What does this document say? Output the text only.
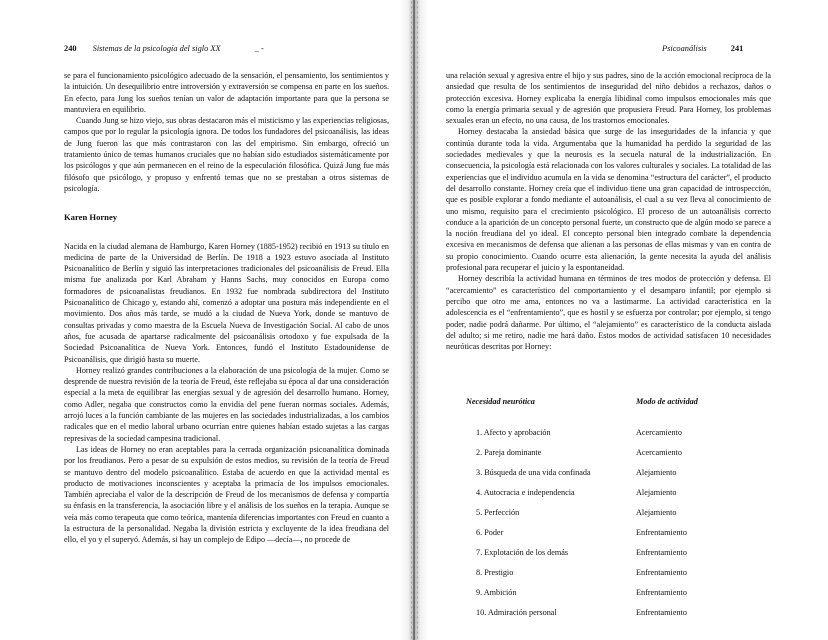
240 Sistemas de la psicología del siglo XX	_ -

se para el funcionamiento psicológico adecuado de la sensación, el pensamiento, los sentimientos y la intuición. Un desequilibrio entre introversión y extraversión se compensa en parte en los sueños. En efecto, para Jung los sueños tenían un valor de adaptación importante para que la persona se mantuviera en equilibrio.

Cuando Jung se hizo viejo, sus obras destacaron más el misticismo y las experiencias religiosas, campos que por lo regular la psicología ignora. De todos los fundadores del psicoanálisis, las ideas de Jung fueron las que más contrastaron con las del empirismo. Sin embargo, ofreció un tratamiento único de temas humanos cruciales que no habían sido estudiados sistemáticamente por los psicólogos y que aún permanecen en el reino de la especulación filosófica. Quizá Jung fue más filósofo que psicólogo, y propuso y enfrentó temas que no se prestaban a otros sistemas de psicología.

Karen Horney

Nacida en la ciudad alemana de Hamburgo, Karen Horney (1885-1952) recibió en 1913 su título en medicina de parte de la Universidad de Berlín. De 1918 a 1923 estuvo asociada al Instituto Psicoanalítico de Berlín y siguió las interpretaciones tradicionales del psicoanálisis de Freud. Ella misma fue analizada por Karl Abraham y Hanns Sachs, muy conocidos en Europa como formadores de psicoanalistas freudianos. En 1932 fue nombrada subdirectora del Instituto Psicoanalítico de Chicago y, estando ahí, comenzó a adoptar una postura más independiente en el movimiento. Dos años más tarde, se mudó a la ciudad de Nueva York, donde se mantuvo de consultas privadas y como maestra de la Escuela Nueva de Investigación Social. Al cabo de unos años, fue acusada de apartarse radicalmente del psicoanálisis ortodoxo y fue expulsada de la Sociedad Psicoanalítica de Nueva York. Entonces, fundó el Instituto Estadounidense de Psicoanálisis, que dirigió hasta su muerte.

Horney realizó grandes contribuciones a la elaboración de una psicología de la mujer. Como se desprende de nuestra revisión de la teoría de Freud, éste reflejaba su época al dar una consideración especial a la meta de equilibrar las energías sexual y de agresión del desarrollo humano. Horney, como Adler, negaba que constructos como la envidia del pene fueran normas sociales. Además, arrojó luces a la función cambiante de las mujeres en las sociedades industrializadas, a los cambios radicales que en el medio laboral urbano ocurrían entre quienes habían estado sujetas a las cargas represivas de la sociedad campesina tradicional.

Las ideas de Horney no eran aceptables para la cerrada organización psicoanalítica dominada por los freudianos. Pero a pesar de su expulsión de estos medios, su revisión de la teoría de Freud se mantuvo dentro del modelo psicoanalítico. Estaba de acuerdo en que la actividad mental es producto de motivaciones inconscientes y aceptaba la primacía de los impulsos emocionales. También apreciaba el valor de la descripción de Freud de los mecanismos de defensa y compartía su énfasis en la transferencia, la asociación libre y el análisis de los sueños en la terapia. Aunque se veía más como terapeuta que como teórica, mantenía diferencias importantes con Freud en cuanto a la estructura de la personalidad. Negaba la división estricta y excluyente de la idea freudiana del ello, el yo y el superyó. Además, si hay un complejo de Edipo —decía—, no procede de

Psicoanálisis	241

una relación sexual y agresiva entre el hijo y sus padres, sino de la acción emocional recíproca de la ansiedad que resulta de los sentimientos de inseguridad del niño debidos a rechazos, daños o protección excesiva. Horney explicaba la energía libidinal como impulsos emocionales más que como la energía primaria sexual y de agresión que propusiera Freud. Para Horney, los problemas sexuales eran un efecto, no una causa, de los trastornos emocionales.

Horney destacaba la ansiedad básica que surge de las inseguridades de la infancia y que continúa durante toda la vida. Argumentaba que la humanidad ha perdido la seguridad de las sociedades medievales y que la neurosis es la secuela natural de la industrialización. En consecuencia, la psicología está relacionada con los valores culturales y sociales. La totalidad de las experiencias que el individuo acumula en la vida se denomina “estructura del carácter”, el producto del desarrollo constante. Horney creía que el individuo tiene una gran capacidad de introspección, que es posible explorar a fondo mediante el autoanálisis, el cual a su vez lleva al conocimiento de uno mismo, requisito para el crecimiento psicológico. El proceso de un autoanálisis correcto conduce a la aparición de un concepto personal fuerte, un constructo que de algún modo se parece a la noción freudiana del yo ideal. El concepto personal bien integrado combate la dependencia excesiva en mecanismos de defensa que alienan a las personas de ellas mismas y van en contra de su propio conocimiento. Cuando ocurre esta alienación, la gente necesita la ayuda del análisis profesional para recuperar el juicio y la espontaneidad.

Horney describía la actividad humana en términos de tres modos de protección y defensa. El “acercamiento” es característico del comportamiento y el desamparo infantil; por ejemplo si percibo que otro me ama, entonces no va a lastimarme. La actividad característica en la adolescencia es el “enfrentamiento”, que es hostil y se esfuerza por controlar; por ejemplo, si tengo poder, nadie podrá dañarme. Por último, el “alejamiento” es característico de la conducta aislada del adulto; si me retiro, nadie me hará daño. Estos modos de actividad satisfacen 10 necesidades neuróticas descritas por Horney:

Necesidad neurótica	Modo de actividad
1. Afecto y aprobación	Acercamiento
2. Pareja dominante	Acercamiento
3. Búsqueda de una vida confinada	Alejamiento
4. Autocracia e independencia	Alejamiento
5. Perfección	Alejamiento
6. Poder	Enfrentamiento
7. Explotación de los demás	Enfrentamiento
8. Prestigio	Enfrentamiento
9. Ambición	Enfrentamiento
10. Admiración personal	Enfrentamiento
